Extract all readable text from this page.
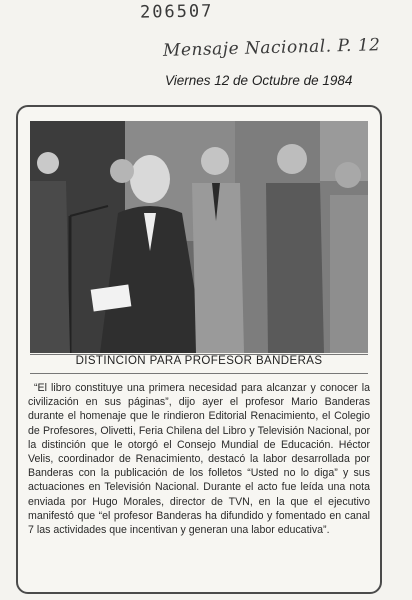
206507
Mensaje Nacional. P. 12
Viernes 12 de Octubre de 1984
DISTINCION PARA PROFESOR BANDERAS

“El libro constituye una primera necesidad para alcanzar y conocer la civilización en sus páginas”, dijo ayer el profesor Mario Banderas durante el homenaje que le rindieron Editorial Renacimiento, el Colegio de Profesores, Olivetti, Feria Chilena del Libro y Televisión Nacional, por la distinción que le otorgó el Consejo Mundial de Educación. Héctor Velis, coordinador de Renacimiento, destacó la labor desarrollada por Banderas con la publicación de los folletos “Usted no lo diga” y sus actuaciones en Televisión Nacional. Durante el acto fue leída una nota enviada por Hugo Morales, director de TVN, en la que el ejecutivo manifestó que “el profesor Banderas ha difundido y fomentado en canal 7 las actividades que incentivan y generan una labor educativa”.
